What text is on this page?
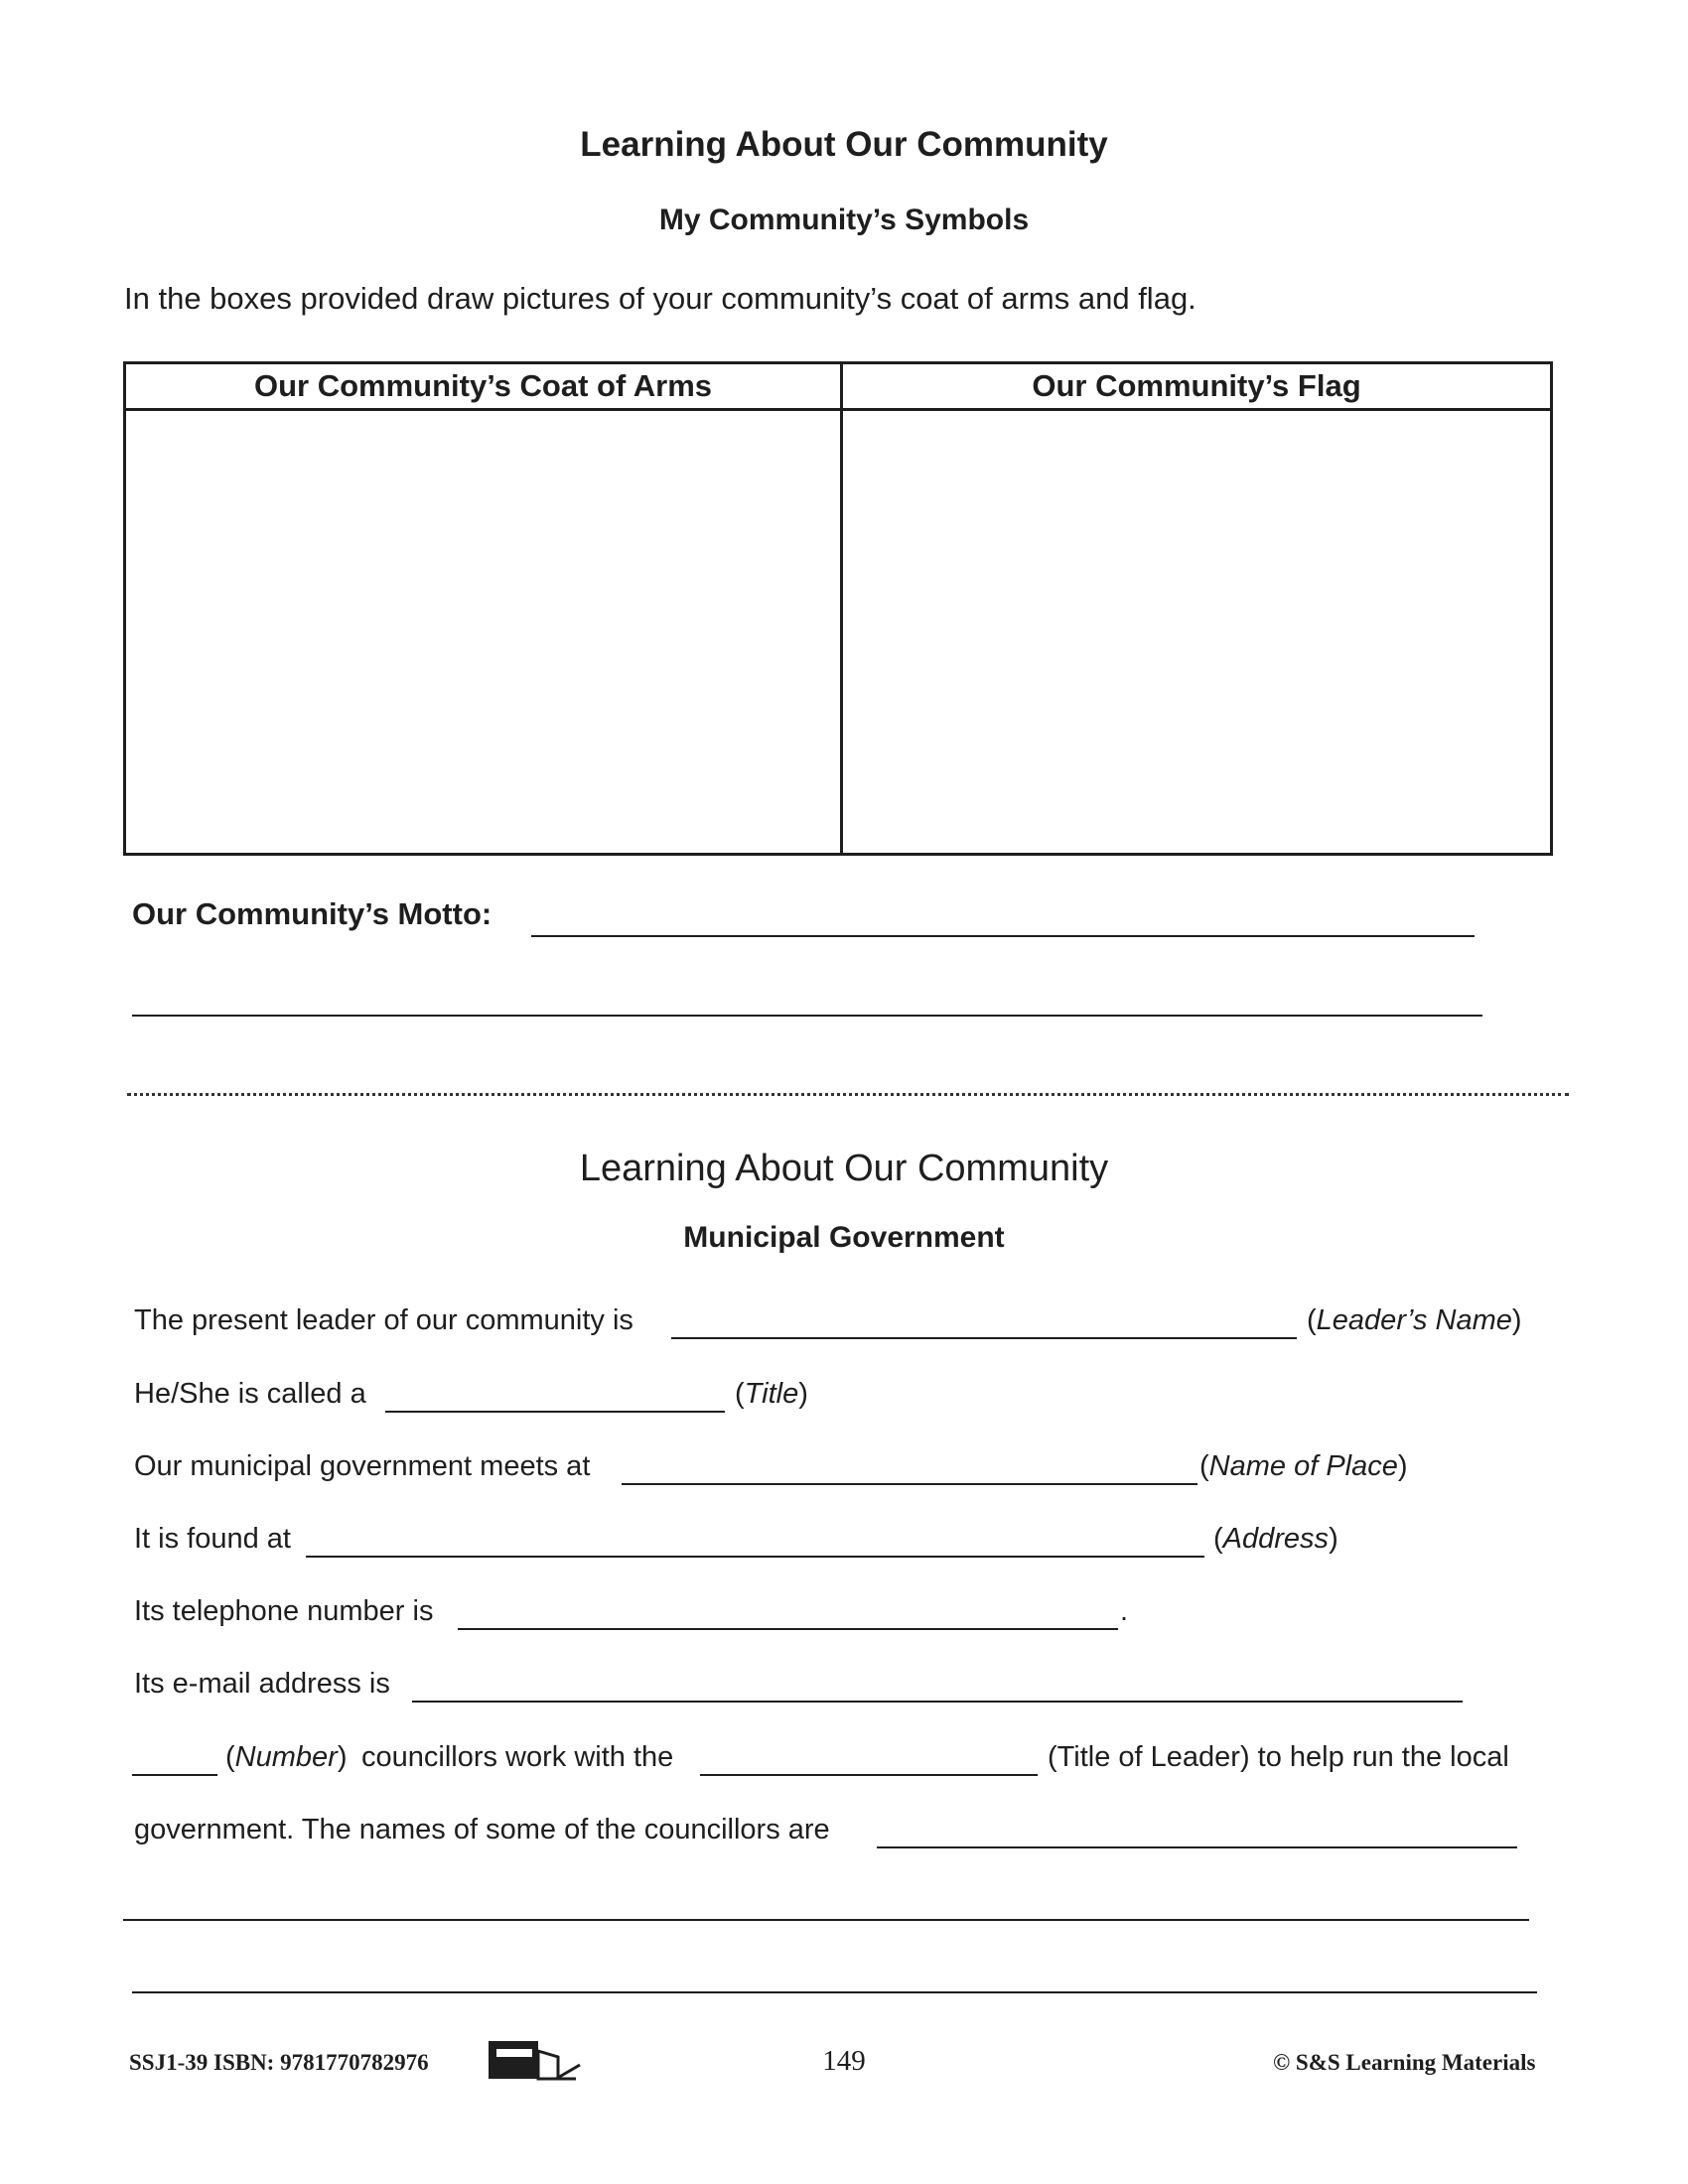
Learning About Our Community
My Community’s Symbols
In the boxes provided draw pictures of your community’s coat of arms and flag.
Our Community’s Coat of Arms	Our Community’s Flag
Our Community’s Motto:
Learning About Our Community
Municipal Government
The present leader of our community is	(Leader’s Name)
He/She is called a	(Title)
Our municipal government meets at	(Name of Place)
It is found at	(Address)
Its telephone number is	.
Its e-mail address is
(Number) councillors work with the	(Title of Leader) to help run the local
government. The names of some of the councillors are
SSJ1-39 ISBN: 9781770782976	149	© S&S Learning Materials
